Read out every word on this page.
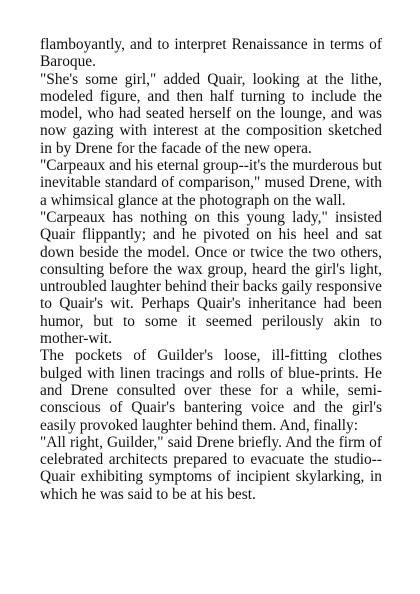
flamboyantly, and to interpret Renaissance in terms of Baroque.

"She's some girl," added Quair, looking at the lithe, modeled figure, and then half turning to include the model, who had seated herself on the lounge, and was now gazing with interest at the composition sketched in by Drene for the facade of the new opera.

"Carpeaux and his eternal group--it's the murderous but inevitable standard of comparison," mused Drene, with a whimsical glance at the photograph on the wall.

"Carpeaux has nothing on this young lady," insisted Quair flippantly; and he pivoted on his heel and sat down beside the model. Once or twice the two others, consulting before the wax group, heard the girl's light, untroubled laughter behind their backs gaily responsive to Quair's wit. Perhaps Quair's inheritance had been humor, but to some it seemed perilously akin to mother-wit.

The pockets of Guilder's loose, ill-fitting clothes bulged with linen tracings and rolls of blue-prints. He and Drene consulted over these for a while, semi-conscious of Quair's bantering voice and the girl's easily provoked laughter behind them. And, finally:

"All right, Guilder," said Drene briefly. And the firm of celebrated architects prepared to evacuate the studio--Quair exhibiting symptoms of incipient skylarking, in which he was said to be at his best.
